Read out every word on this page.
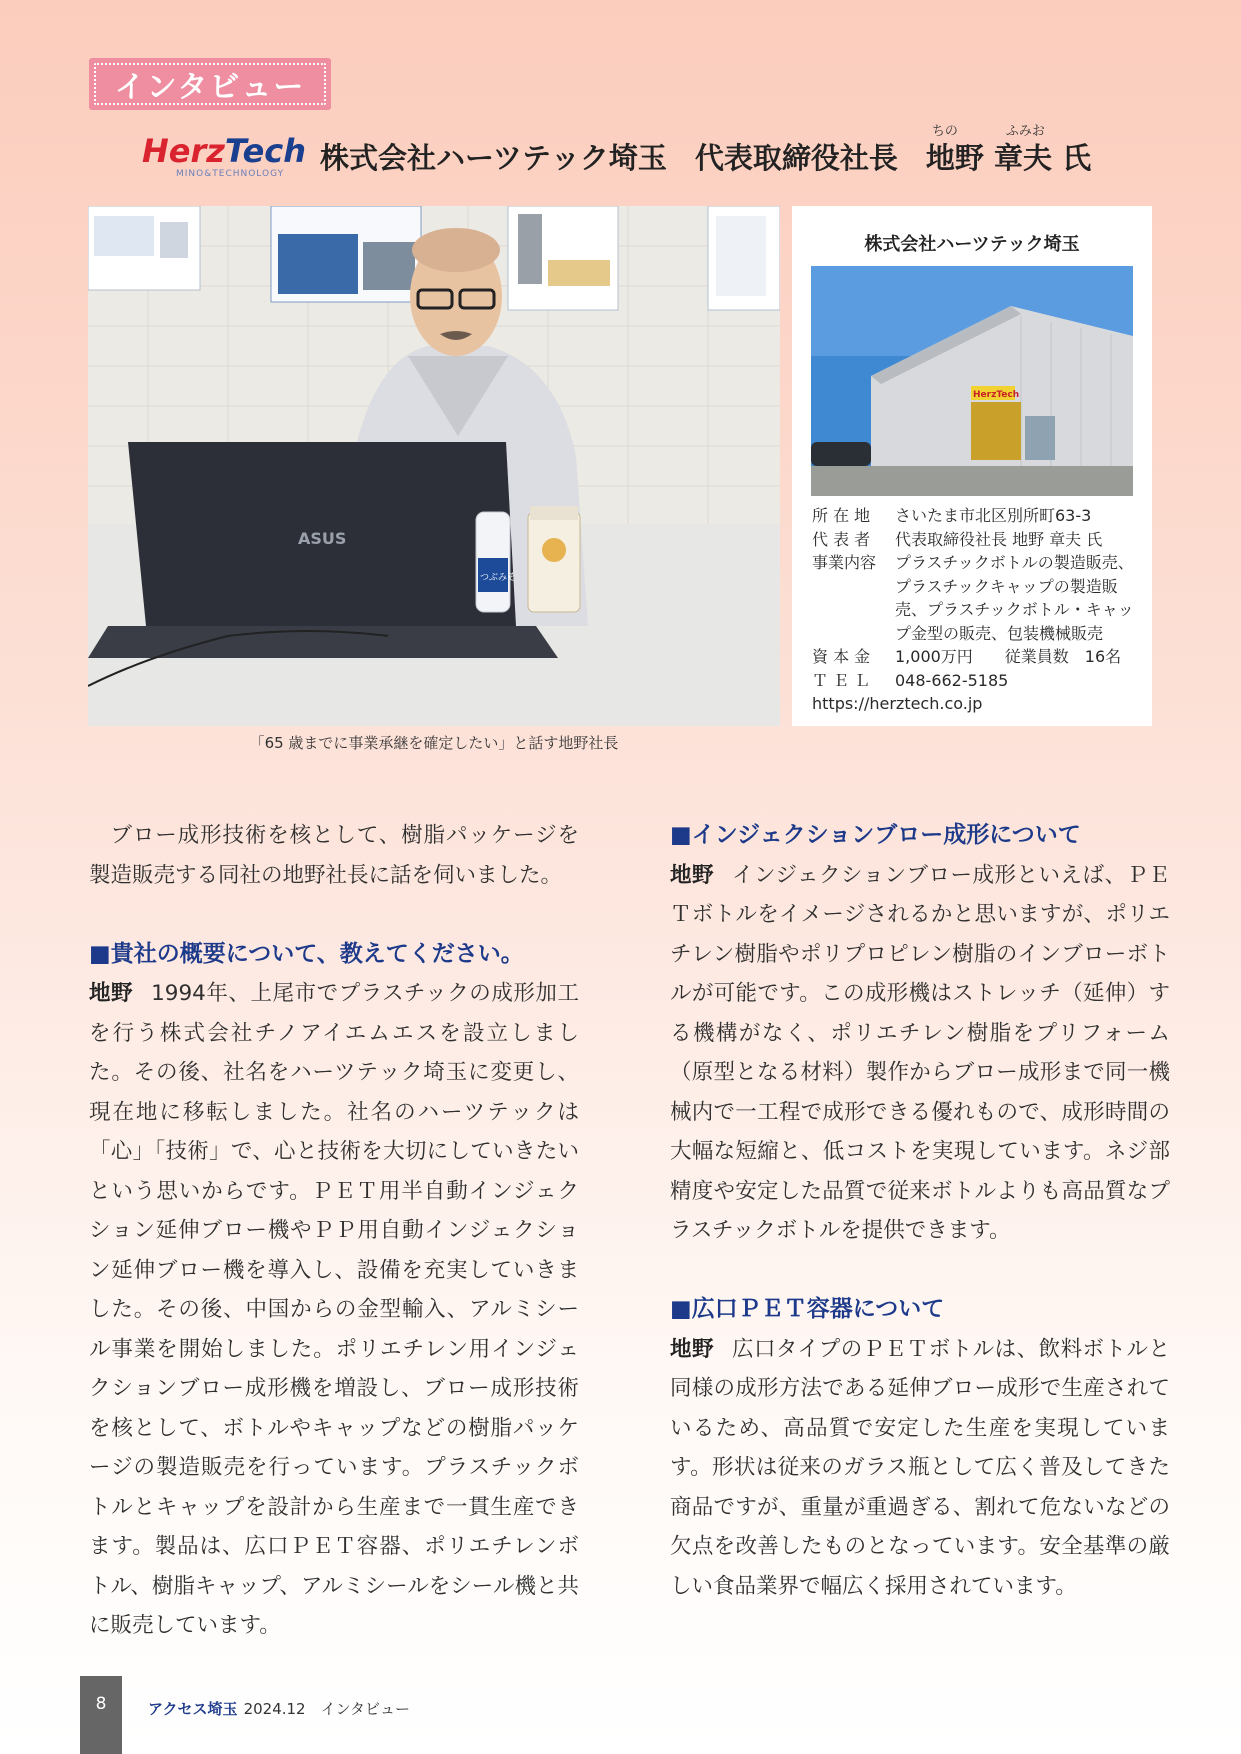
インタビュー
HerzTech
MINO&TECHNOLOGY 株式会社ハーツテック埼玉 代表取締役社長
ちの	ふみお
地野 章夫 氏
ASUS
つぶみそ
「65 歳までに事業承継を確定したい」と話す地野社長
株式会社ハーツテック埼玉
HerzTech
所 在 地	さいたま市北区別所町63-3
代 表 者	代表取締役社長 地野 章夫 氏
事業内容	プラスチックボトルの製造販売、プラスチックキャップの製造販売、プラスチックボトル・キャップ金型の販売、包装機械販売
資 本 金	1,000万円　　従業員数　16名
Ｔ Ｅ Ｌ	048-662-5185
https://herztech.co.jp

ブロー成形技術を核として、樹脂パッケージを製造販売する同社の地野社長に話を伺いました。

■貴社の概要について、教えてください。

地野 1994年、上尾市でプラスチックの成形加工を行う株式会社チノアイエムエスを設立しました。その後、社名をハーツテック埼玉に変更し、現在地に移転しました。社名のハーツテックは「心」「技術」で、心と技術を大切にしていきたいという思いからです。ＰＥＴ用半自動インジェクション延伸ブロー機やＰＰ用自動インジェクション延伸ブロー機を導入し、設備を充実していきました。その後、中国からの金型輸入、アルミシール事業を開始しました。ポリエチレン用インジェクションブロー成形機を増設し、ブロー成形技術を核として、ボトルやキャップなどの樹脂パッケージの製造販売を行っています。プラスチックボトルとキャップを設計から生産まで一貫生産できます。製品は、広口ＰＥＴ容器、ポリエチレンボトル、樹脂キャップ、アルミシールをシール機と共に販売しています。

■インジェクションブロー成形について

地野 インジェクションブロー成形といえば、ＰＥＴボトルをイメージされるかと思いますが、ポリエチレン樹脂やポリプロピレン樹脂のインブローボトルが可能です。この成形機はストレッチ（延伸）する機構がなく、ポリエチレン樹脂をプリフォーム（原型となる材料）製作からブロー成形まで同一機械内で一工程で成形できる優れもので、成形時間の大幅な短縮と、低コストを実現しています。ネジ部精度や安定した品質で従来ボトルよりも高品質なプラスチックボトルを提供できます。

■広口ＰＥＴ容器について

地野 広口タイプのＰＥＴボトルは、飲料ボトルと同様の成形方法である延伸ブロー成形で生産されているため、高品質で安定した生産を実現しています。形状は従来のガラス瓶として広く普及してきた商品ですが、重量が重過ぎる、割れて危ないなどの欠点を改善したものとなっています。安全基準の厳しい食品業界で幅広く採用されています。

8	アクセス埼玉 2024.12　 インタビュー
